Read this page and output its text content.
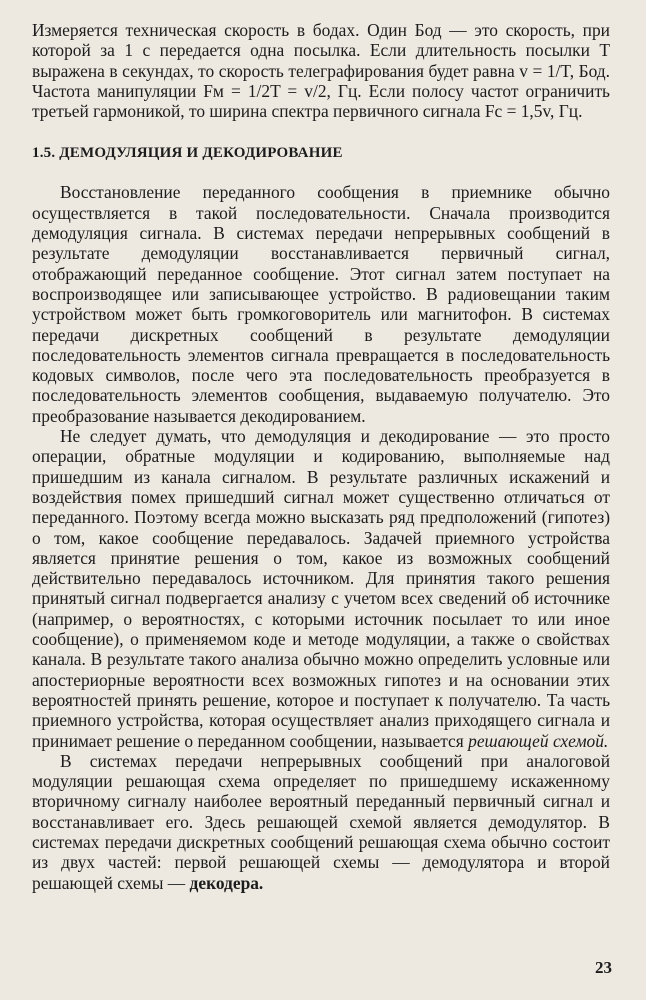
Измеряется техническая скорость в бодах. Один Бод — это скорость, при которой за 1 с передается одна посылка. Если длительность посылки T выражена в секундах, то скорость телеграфирования будет равна v = 1/T, Бод. Частота манипуляции Fм = 1/2T = v/2, Гц. Если полосу частот ограничить третьей гармоникой, то ширина спектра первичного сигнала Fc = 1,5v, Гц.

1.5. ДЕМОДУЛЯЦИЯ И ДЕКОДИРОВАНИЕ

Восстановление переданного сообщения в приемнике обычно осуществляется в такой последовательности. Сначала производится демодуляция сигнала. В системах передачи непрерывных сообщений в результате демодуляции восстанавливается первичный сигнал, отображающий переданное сообщение. Этот сигнал затем поступает на воспроизводящее или записывающее устройство. В радиовещании таким устройством может быть громкоговоритель или магнитофон. В системах передачи дискретных сообщений в результате демодуляции последовательность элементов сигнала превращается в последовательность кодовых символов, после чего эта последовательность преобразуется в последовательность элементов сообщения, выдаваемую получателю. Это преобразование называется декодированием.

Не следует думать, что демодуляция и декодирование — это просто операции, обратные модуляции и кодированию, выполняемые над пришедшим из канала сигналом. В результате различных искажений и воздействия помех пришедший сигнал может существенно отличаться от переданного. Поэтому всегда можно высказать ряд предположений (гипотез) о том, какое сообщение передавалось. Задачей приемного устройства является принятие решения о том, какое из возможных сообщений действительно передавалось источником. Для принятия такого решения принятый сигнал подвергается анализу с учетом всех сведений об источнике (например, о вероятностях, с которыми источник посылает то или иное сообщение), о применяемом коде и методе модуляции, а также о свойствах канала. В результате такого анализа обычно можно определить условные или апостериорные вероятности всех возможных гипотез и на основании этих вероятностей принять решение, которое и поступает к получателю. Та часть приемного устройства, которая осуществляет анализ приходящего сигнала и принимает решение о переданном сообщении, называется решающей схемой.

В системах передачи непрерывных сообщений при аналоговой модуляции решающая схема определяет по пришедшему искаженному вторичному сигналу наиболее вероятный переданный первичный сигнал и восстанавливает его. Здесь решающей схемой является демодулятор. В системах передачи дискретных сообщений решающая схема обычно состоит из двух частей: первой решающей схемы — демодулятора и второй решающей схемы — декодера.

23
